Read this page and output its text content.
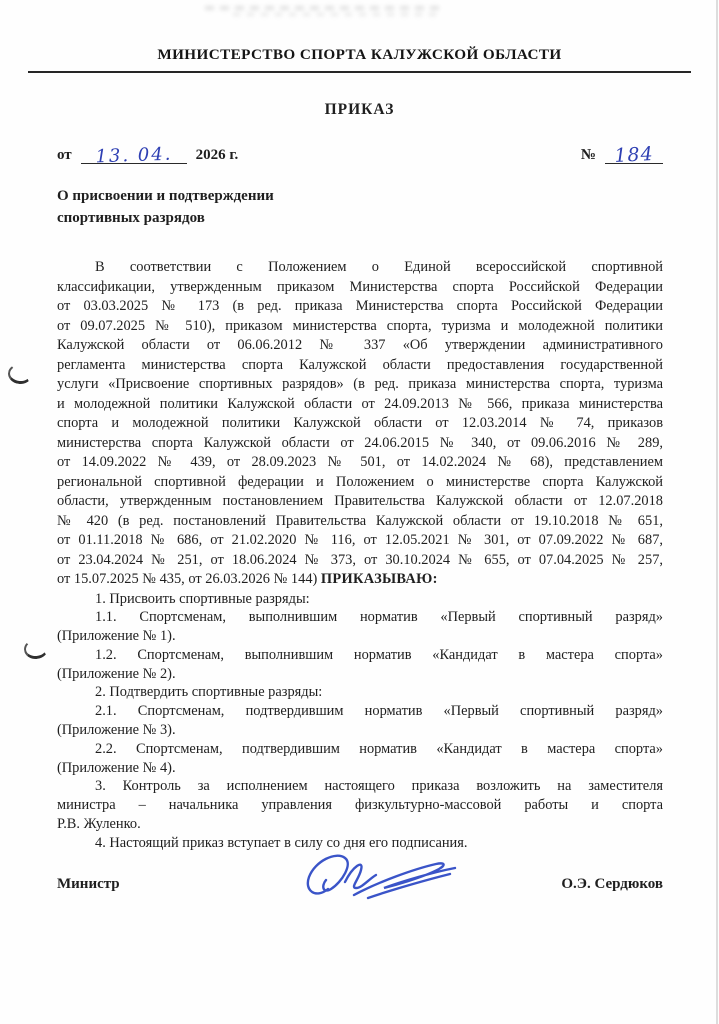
МИНИСТЕРСТВО СПОРТА КАЛУЖСКОЙ ОБЛАСТИ
ПРИКАЗ
от	13. 04.	2026 г.	№ 184
О присвоении и подтверждении
спортивных разрядов

В соответствии с Положением о Единой всероссийской спортивной
классификации, утвержденным приказом Министерства спорта Российской Федерации
от 03.03.2025 № 173 (в ред. приказа Министерства спорта Российской Федерации
от 09.07.2025 № 510), приказом министерства спорта, туризма и молодежной политики
Калужской области от 06.06.2012 № 337 «Об утверждении административного
регламента министерства спорта Калужской области предоставления государственной
услуги «Присвоение спортивных разрядов» (в ред. приказа министерства спорта, туризма
и молодежной политики Калужской области от 24.09.2013 № 566, приказа министерства
спорта и молодежной политики Калужской области от 12.03.2014 № 74, приказов
министерства спорта Калужской области от 24.06.2015 № 340, от 09.06.2016 № 289,
от 14.09.2022 № 439, от 28.09.2023 № 501, от 14.02.2024 № 68), представлением
региональной спортивной федерации и Положением о министерстве спорта Калужской
области, утвержденным постановлением Правительства Калужской области от 12.07.2018
№ 420 (в ред. постановлений Правительства Калужской области от 19.10.2018 № 651,
от 01.11.2018 № 686, от 21.02.2020 № 116, от 12.05.2021 № 301, от 07.09.2022 № 687,
от 23.04.2024 № 251, от 18.06.2024 № 373, от 30.10.2024 № 655, от 07.04.2025 № 257,
от 15.07.2025 № 435, от 26.03.2026 № 144) ПРИКАЗЫВАЮ:

1. Присвоить спортивные разряды:

1.1. Спортсменам, выполнившим норматив «Первый спортивный разряд»
(Приложение № 1).

1.2. Спортсменам, выполнившим норматив «Кандидат в мастера спорта»
(Приложение № 2).

2. Подтвердить спортивные разряды:

2.1. Спортсменам, подтвердившим норматив «Первый спортивный разряд»
(Приложение № 3).

2.2. Спортсменам, подтвердившим норматив «Кандидат в мастера спорта»
(Приложение № 4).

3. Контроль за исполнением настоящего приказа возложить на заместителя
министра – начальника управления физкультурно-массовой работы и спорта
Р.В. Жуленко.

4. Настоящий приказ вступает в силу со дня его подписания.

Министр	О.Э. Сердюков
